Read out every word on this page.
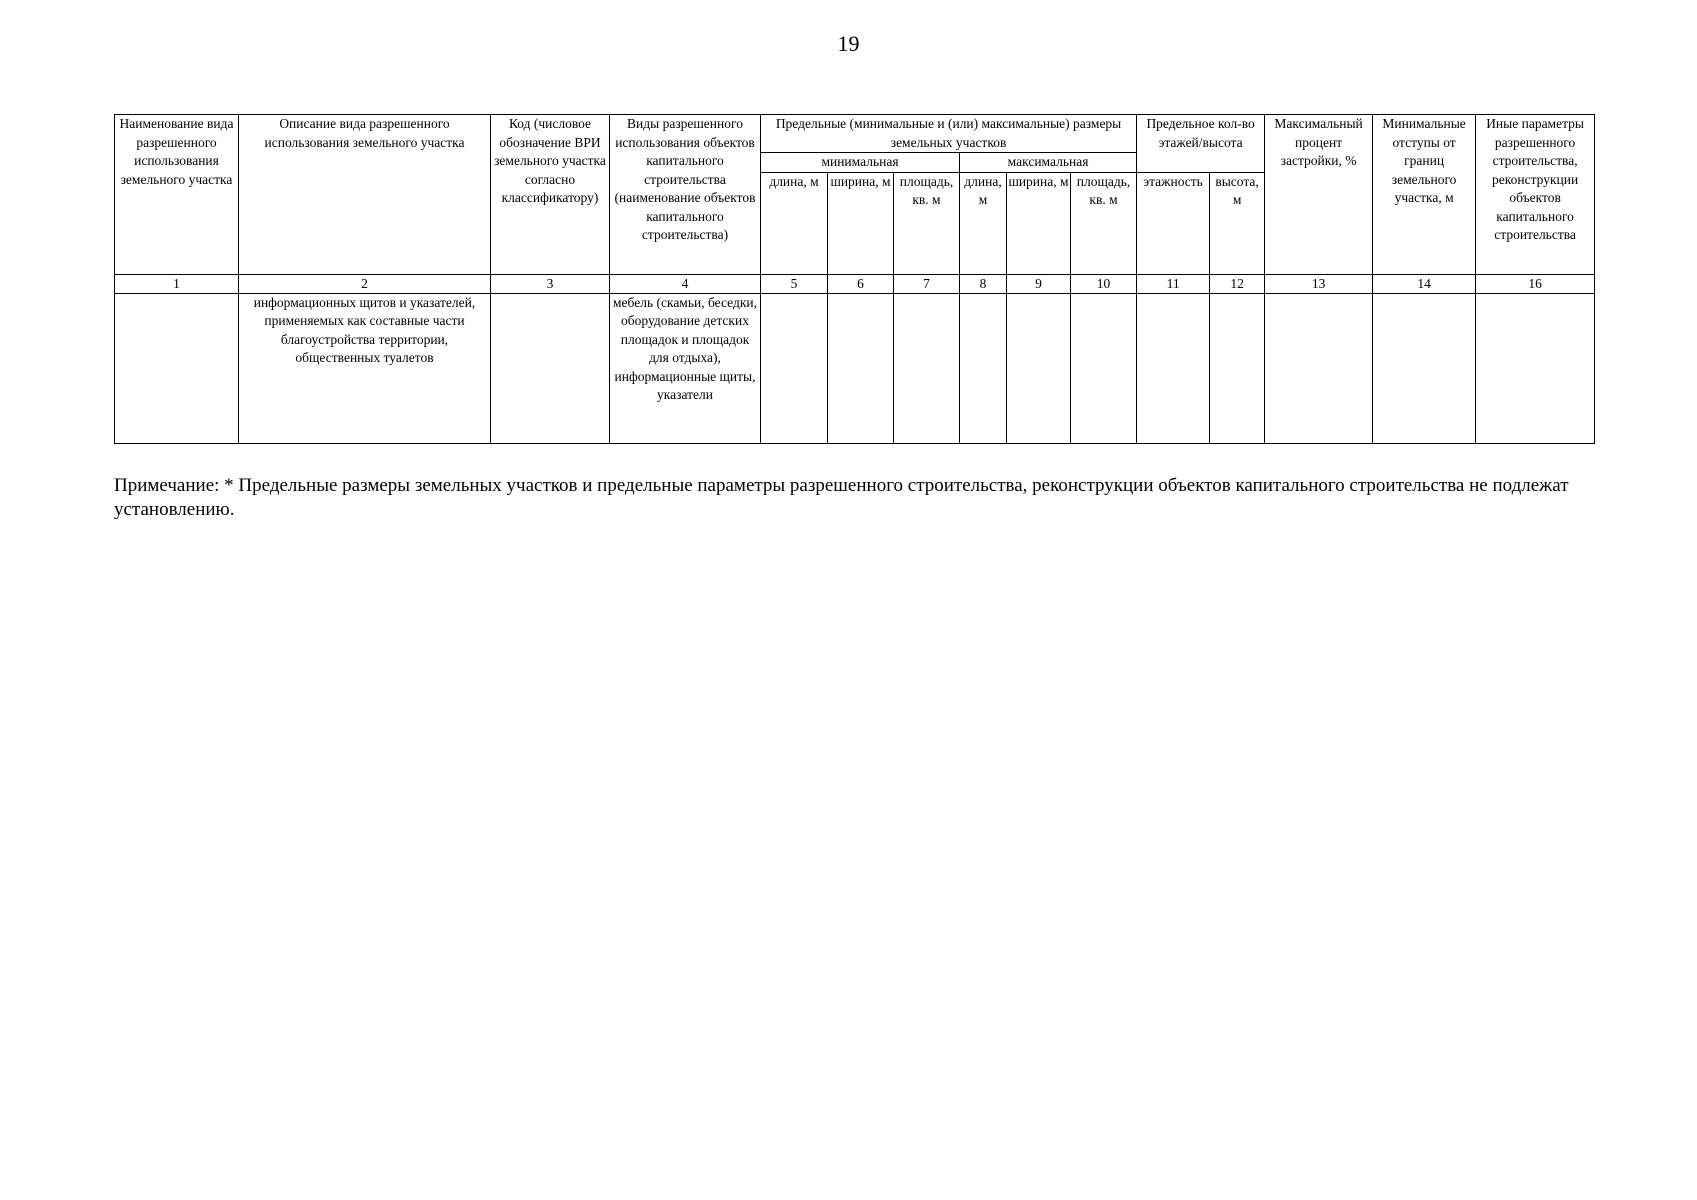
19
Наименование вида разрешенного использования земельного участка	Описание вида разрешенного использования земельного участка	Код (числовое обозначение ВРИ земельного участка согласно классификатору)	Виды разрешенного использования объектов капитального строительства (наименование объектов капитального строительства)	Предельные (минимальные и (или) максимальные) размеры земельных участков						Предельное кол-во этажей/высота		Максимальный процент застройки, %	Минимальные отступы от границ земельного участка, м	Иные параметры разрешенного строительства, реконструкции объектов капитального строительства
				минимальная			максимальная							
				длина, м	ширина, м	площадь, кв. м	длина, м	ширина, м	площадь, кв. м	этажность	высота, м			
1	2	3	4	5	6	7	8	9	10	11	12	13	14	16
	информационных щитов и указателей, применяемых как составные части благоустройства территории, общественных туалетов		мебель (скамьи, беседки, оборудование детских площадок и площадок для отдыха), информационные щиты, указатели											
Примечание: * Предельные размеры земельных участков и предельные параметры разрешенного строительства, реконструкции объектов капитального строительства не подлежат установлению.
